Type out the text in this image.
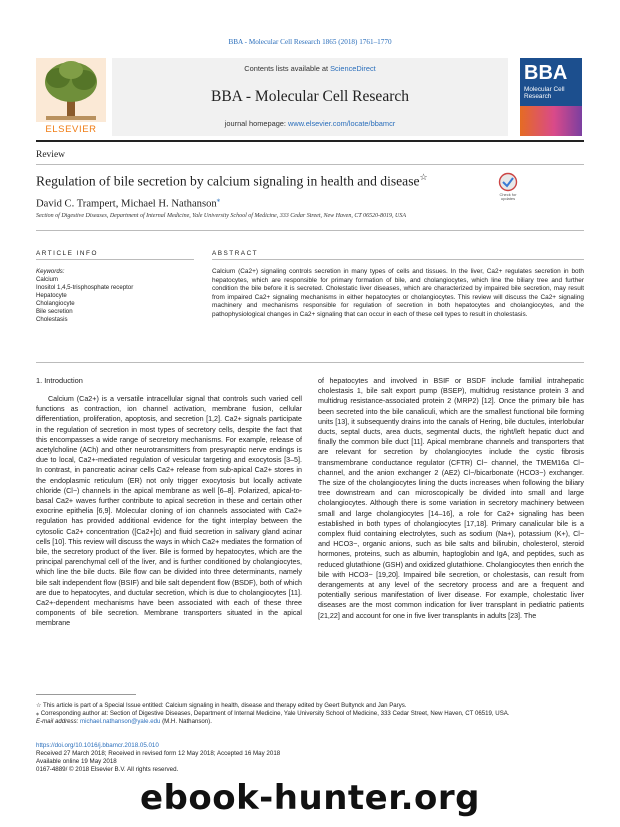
BBA - Molecular Cell Research 1865 (2018) 1761–1770
ELSEVIER
Contents lists available at ScienceDirect
BBA - Molecular Cell Research
journal homepage: www.elsevier.com/locate/bbamcr
BBA
Molecular Cell Research
Review
Regulation of bile secretion by calcium signaling in health and disease☆
Check for updates
David C. Trampert, Michael H. Nathanson⁎
Section of Digestive Diseases, Department of Internal Medicine, Yale University School of Medicine, 333 Cedar Street, New Haven, CT 06520-8019, USA
ARTICLE INFO	ABSTRACT
Keywords:
Calcium
Inositol 1,4,5-trisphosphate receptor
Hepatocyte
Cholangiocyte
Bile secretion
Cholestasis
Calcium (Ca2+) signaling controls secretion in many types of cells and tissues. In the liver, Ca2+ regulates secretion in both hepatocytes, which are responsible for primary formation of bile, and cholangiocytes, which line the biliary tree and further condition the bile before it is secreted. Cholestatic liver diseases, which are characterized by impaired bile secretion, may result from impaired Ca2+ signaling mechanisms in either hepatocytes or cholangiocytes. This review will discuss the Ca2+ signaling machinery and mechanisms responsible for regulation of secretion in both hepatocytes and cholangiocytes, and the pathophysiological changes in Ca2+ signaling that can occur in each of these cell types to result in cholestasis.
1. Introduction

Calcium (Ca2+) is a versatile intracellular signal that controls such varied cell functions as contraction, ion channel activation, membrane fusion, cellular differentiation, proliferation, apoptosis, and secretion [1,2]. Ca2+ signals participate in the regulation of secretion in most types of secretory cells, despite the fact that this encompasses a wide range of secretory mechanisms. For example, release of acetylcholine (ACh) and other neurotransmitters from presynaptic nerve endings is due to local, Ca2+-mediated regulation of vesicular targeting and exocytosis [3–5]. In contrast, in pancreatic acinar cells Ca2+ release from sub-apical Ca2+ stores in the endoplasmic reticulum (ER) not only trigger exocytosis but locally activate chloride (Cl−) channels in the apical membrane as well [6–8]. Polarized, apical-to-basal Ca2+ waves further contribute to apical secretion in these and certain other exocrine epithelia [6,9]. Molecular cloning of ion channels associated with Ca2+ regulation has provided additional evidence for the tight interplay between the cytosolic Ca2+ concentration ([Ca2+]c) and fluid secretion in salivary gland acinar cells [10]. This review will discuss the ways in which Ca2+ mediates the formation of bile, the secretory product of the liver. Bile is formed by hepatocytes, which are the principal parenchymal cell of the liver, and is further conditioned by cholangiocytes, which line the bile ducts. Bile flow can be divided into three determinants, namely bile salt independent flow (BSIF) and bile salt dependent flow (BSDF), both of which are due to hepatocytes, and ductular secretion, which is due to cholangiocytes [11]. Ca2+-dependent mechanisms have been associated with each of these three components of bile secretion. Membrane transporters situated in the apical membrane

of hepatocytes and involved in BSIF or BSDF include familial intrahepatic cholestasis 1, bile salt export pump (BSEP), multidrug resistance protein 3 and multidrug resistance-associated protein 2 (MRP2) [12]. Once the primary bile has been secreted into the bile canaliculi, which are the smallest functional bile forming units [13], it subsequently drains into the canals of Hering, bile ductules, interlobular ducts, septal ducts, area ducts, segmental ducts, the right/left hepatic duct and finally the common bile duct [11]. Apical membrane channels and transporters that are relevant for secretion by cholangiocytes include the cystic fibrosis transmembrane conductance regulator (CFTR) Cl− channel, the TMEM16a Cl− channel, and the anion exchanger 2 (AE2) Cl−/bicarbonate (HCO3−) exchanger. The size of the cholangiocytes lining the ducts increases when following the biliary tree downstream and can microscopically be divided into small and large cholangiocytes. Although there is some variation in secretory machinery between small and large cholangiocytes [14–16], a role for Ca2+ signaling has been established in both types of cholangiocytes [17,18]. Primary canalicular bile is a complex fluid containing electrolytes, such as sodium (Na+), potassium (K+), Cl− and HCO3−, organic anions, such as bile salts and bilirubin, cholesterol, steroid hormones, proteins, such as albumin, haptoglobin and IgA, and peptides, such as reduced glutathione (GSH) and oxidized glutathione. Cholangiocytes then enrich the bile with HCO3− [19,20]. Impaired bile secretion, or cholestasis, can result from derangements at any level of the secretory process and are a frequent and potentially serious manifestation of liver disease. For example, cholestatic liver diseases are the most common indication for liver transplant in pediatric patients [21,22] and account for one in five liver transplants in adults [23]. The

☆ This article is part of a Special Issue entitled: Calcium signaling in health, disease and therapy edited by Geert Bultynck and Jan Parys.

⁎ Corresponding author at: Section of Digestive Diseases, Department of Internal Medicine, Yale University School of Medicine, 333 Cedar Street, New Haven, CT 06519, USA.

E-mail address: michael.nathanson@yale.edu (M.H. Nathanson).

https://doi.org/10.1016/j.bbamcr.2018.05.010
Received 27 March 2018; Received in revised form 12 May 2018; Accepted 16 May 2018
Available online 19 May 2018
0167-4889/ © 2018 Elsevier B.V. All rights reserved.
ebook-hunter.org
